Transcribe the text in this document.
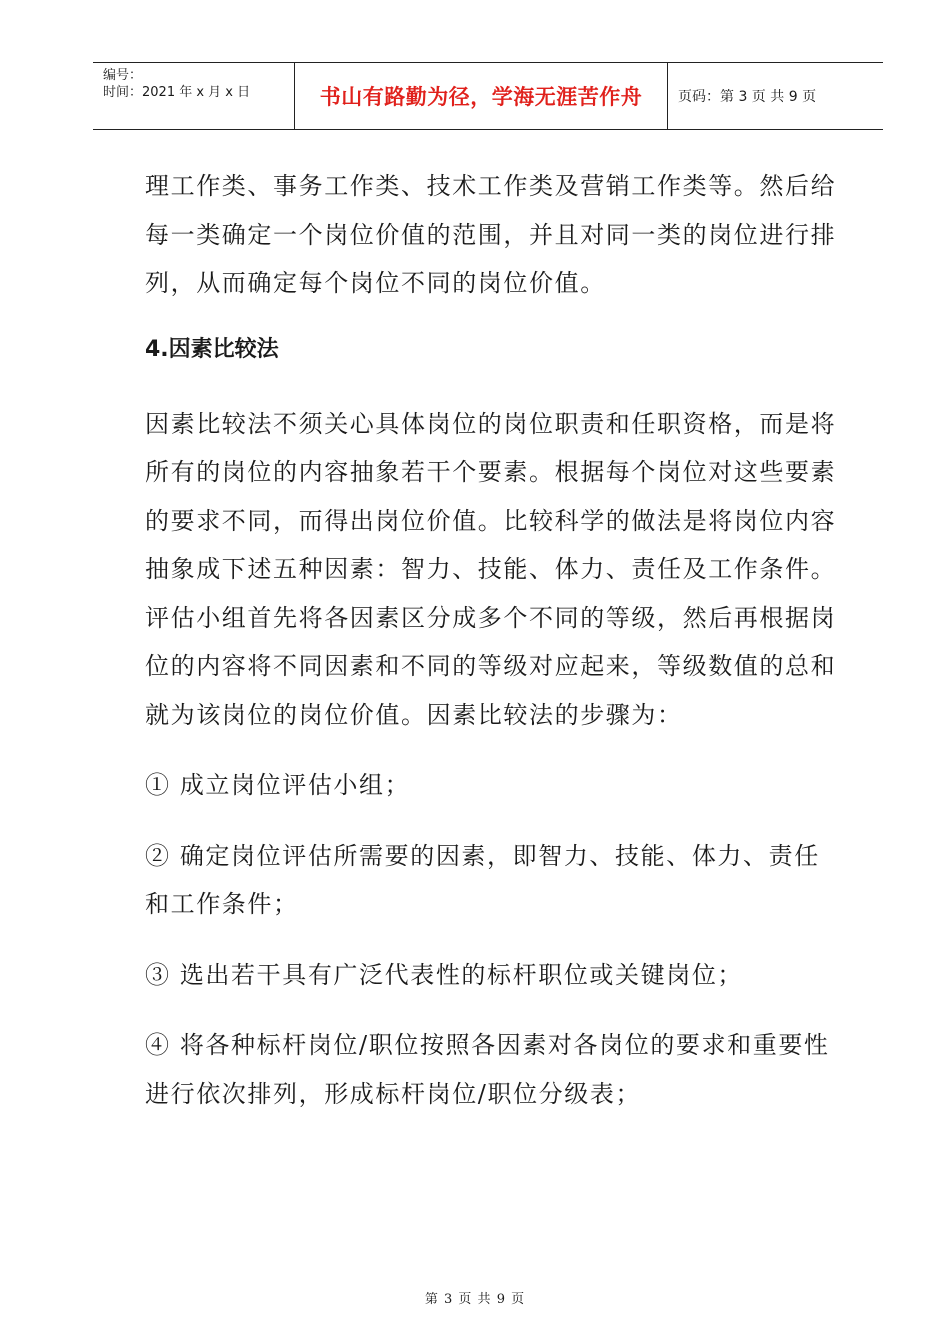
编号：
时间：2021 年 x 月 x 日	书山有路勤为径，学海无涯苦作舟	页码：第 3 页 共 9 页

理工作类、事务工作类、技术工作类及营销工作类等。然后给

每一类确定一个岗位价值的范围，并且对同一类的岗位进行排

列，从而确定每个岗位不同的岗位价值。

4.因素比较法

因素比较法不须关心具体岗位的岗位职责和任职资格，而是将

所有的岗位的内容抽象若干个要素。根据每个岗位对这些要素

的要求不同，而得出岗位价值。比较科学的做法是将岗位内容

抽象成下述五种因素：智力、技能、体力、责任及工作条件。

评估小组首先将各因素区分成多个不同的等级，然后再根据岗

位的内容将不同因素和不同的等级对应起来，等级数值的总和

就为该岗位的岗位价值。因素比较法的步骤为：

① 成立岗位评估小组；

② 确定岗位评估所需要的因素，即智力、技能、体力、责任

和工作条件；

③ 选出若干具有广泛代表性的标杆职位或关键岗位；

④ 将各种标杆岗位/职位按照各因素对各岗位的要求和重要性

进行依次排列，形成标杆岗位/职位分级表；

第 3 页 共 9 页
